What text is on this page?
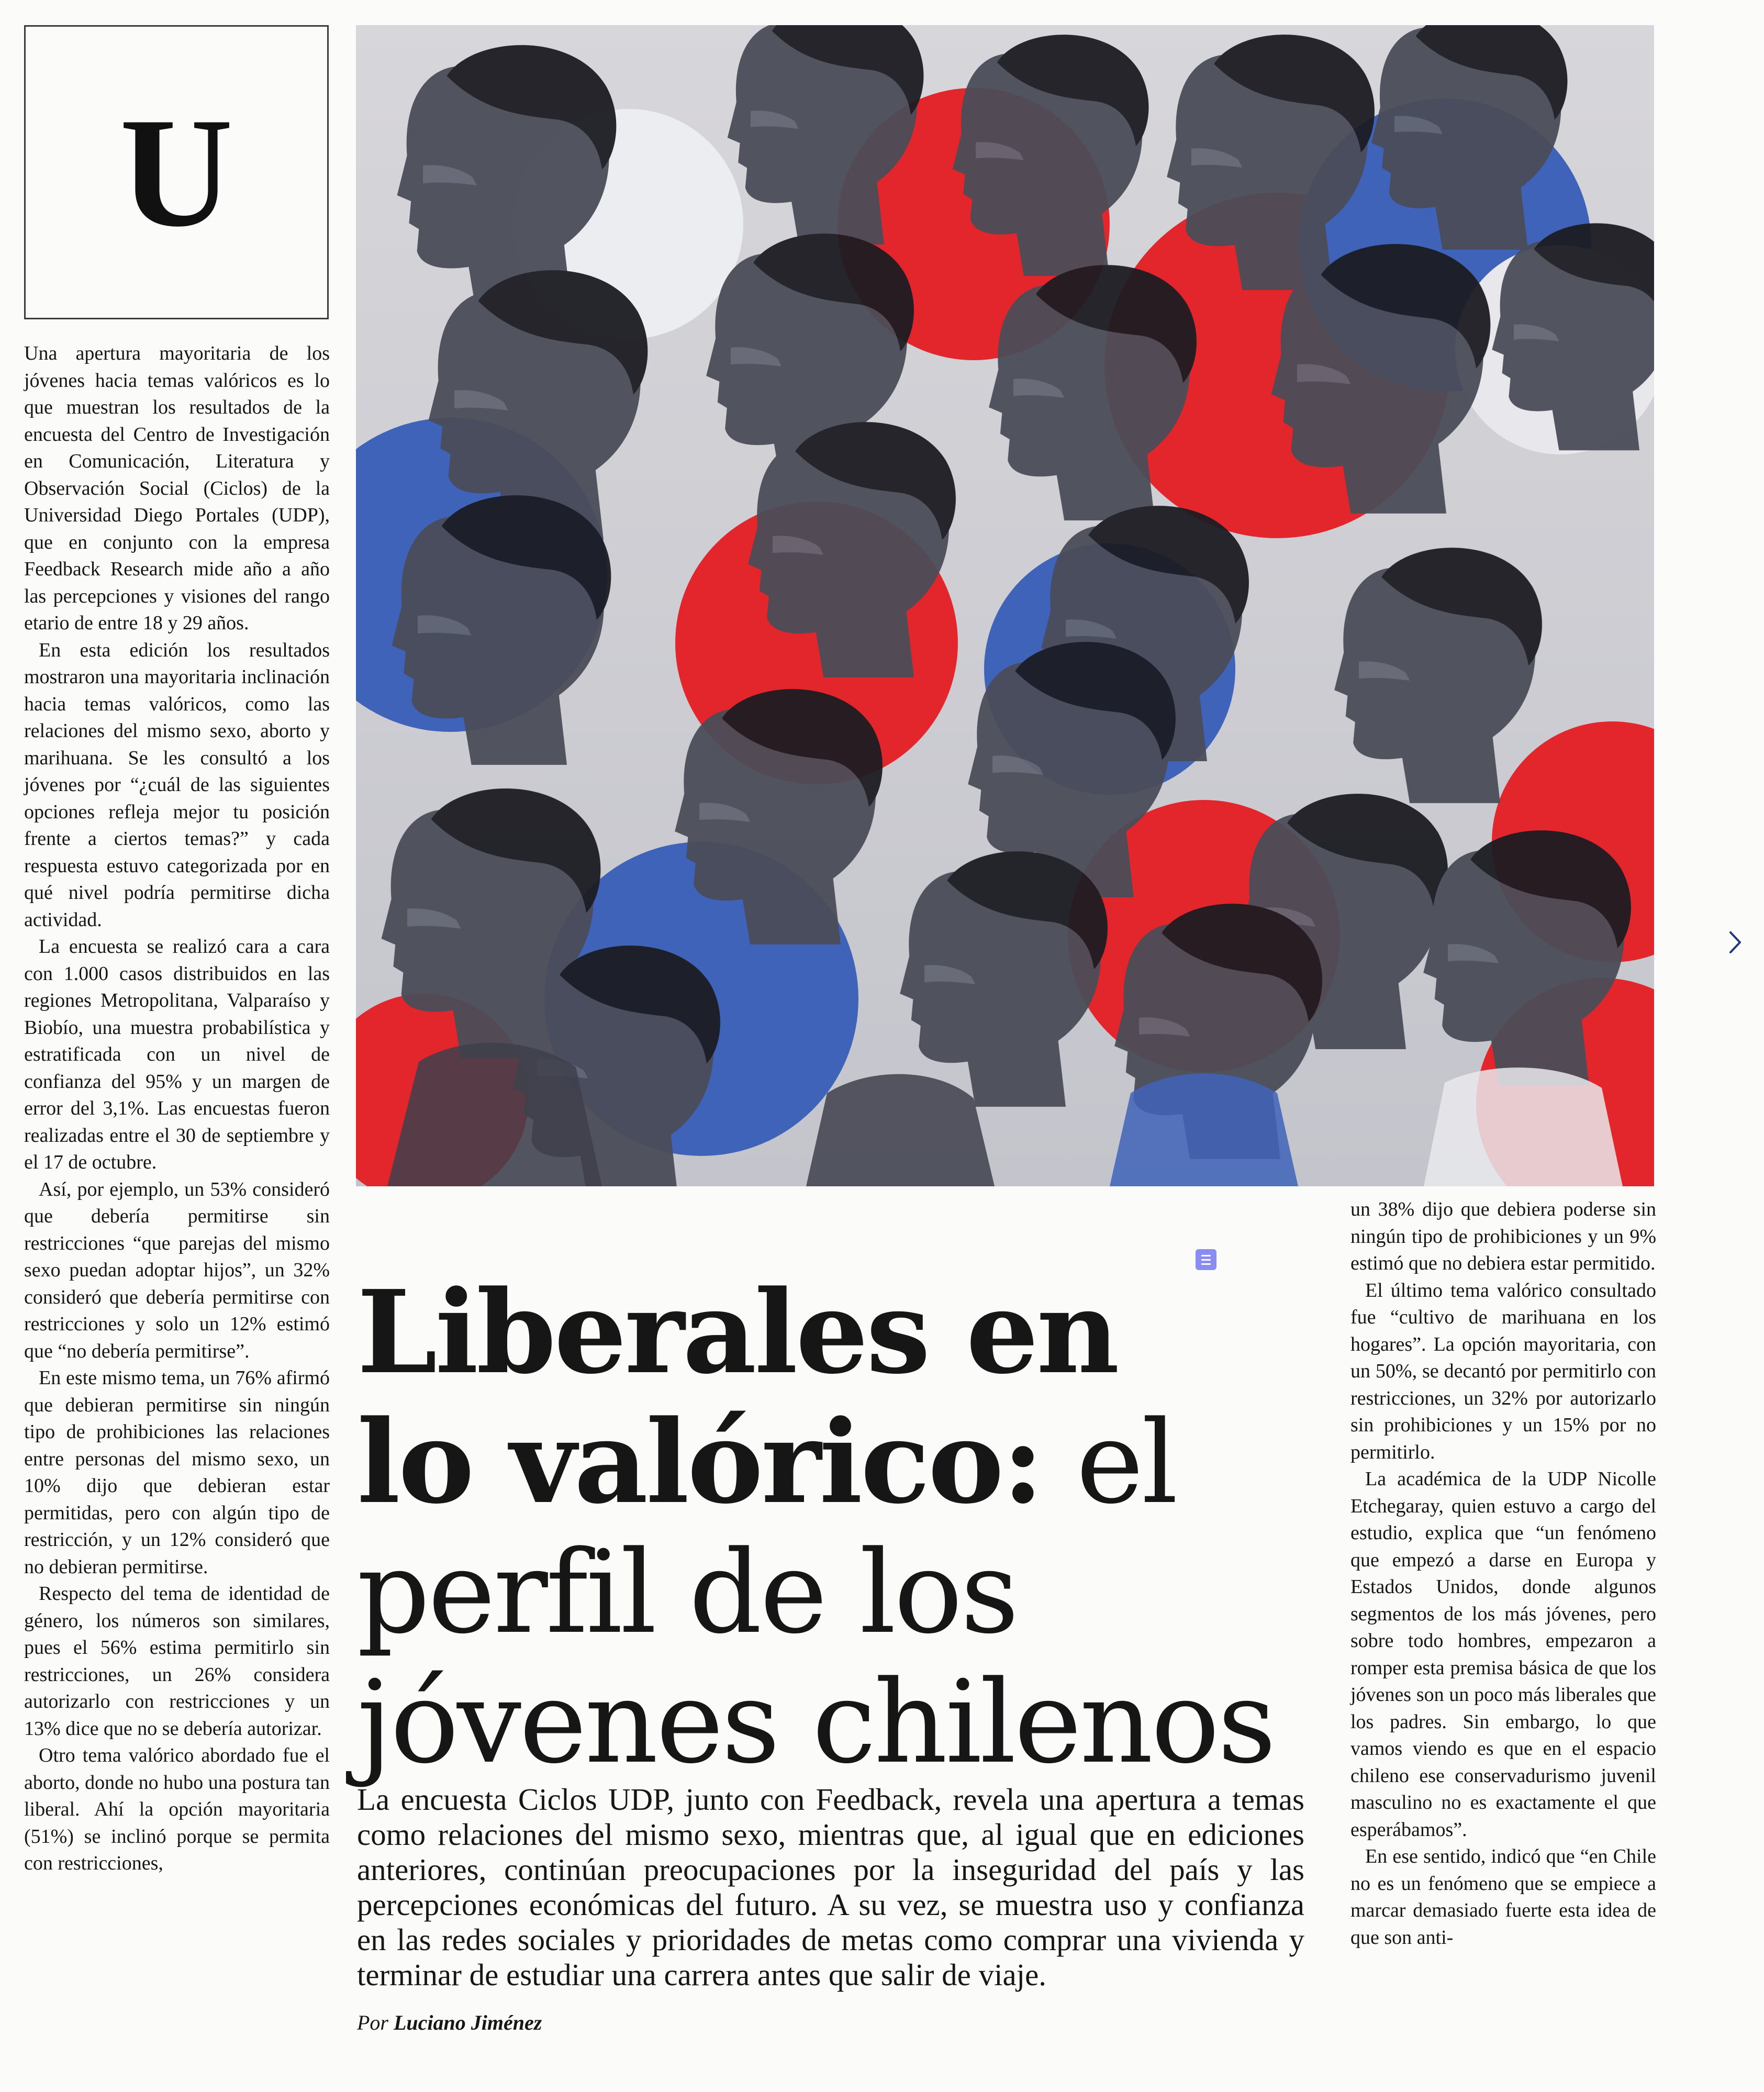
U

Una apertura mayoritaria de los jóvenes hacia temas valóricos es lo que muestran los resultados de la encuesta del Centro de Investigación en Comunicación, Literatura y Observación Social (Ciclos) de la Universidad Diego Portales (UDP), que en conjunto con la empresa Feedback Research mide año a año las percepciones y visiones del rango etario de entre 18 y 29 años.

En esta edición los resultados mostraron una mayoritaria inclinación hacia temas valóricos, como las relaciones del mismo sexo, aborto y marihuana. Se les consultó a los jóvenes por “¿cuál de las siguientes opciones refleja mejor tu posición frente a ciertos temas?” y cada respuesta estuvo categorizada por en qué nivel podría permitirse dicha actividad.

La encuesta se realizó cara a cara con 1.000 casos distribuidos en las regiones Metropolitana, Valparaíso y Biobío, una muestra probabilística y estratificada con un nivel de confianza del 95% y un margen de error del 3,1%. Las encuestas fueron realizadas entre el 30 de septiembre y el 17 de octubre.

Así, por ejemplo, un 53% consideró que debería permitirse sin restricciones “que parejas del mismo sexo puedan adoptar hijos”, un 32% consideró que debería permitirse con restricciones y solo un 12% estimó que “no debería permitirse”.

En este mismo tema, un 76% afirmó que debieran permitirse sin ningún tipo de prohibiciones las relaciones entre personas del mismo sexo, un 10% dijo que debieran estar permitidas, pero con algún tipo de restricción, y un 12% consideró que no debieran permitirse.

Respecto del tema de identidad de género, los números son similares, pues el 56% estima permitirlo sin restricciones, un 26% considera autorizarlo con restricciones y un 13% dice que no se debería autorizar.

Otro tema valórico abordado fue el aborto, donde no hubo una postura tan liberal. Ahí la opción mayoritaria (51%) se inclinó porque se permita con restricciones,

Liberales en
lo valórico: el
perfil de los
jóvenes chilenos

La encuesta Ciclos UDP, junto con Feedback, revela una apertura a temas como relaciones del mismo sexo, mientras que, al igual que en ediciones anteriores, continúan preocupaciones por la inseguridad del país y las percepciones económicas del futuro. A su vez, se muestra uso y confianza en las redes sociales y prioridades de metas como comprar una vivienda y terminar de estudiar una carrera antes que salir de viaje.

Por Luciano Jiménez

un 38% dijo que debiera poderse sin ningún tipo de prohibiciones y un 9% estimó que no debiera estar permitido.

El último tema valórico consultado fue “cultivo de marihuana en los hogares”. La opción mayoritaria, con un 50%, se decantó por permitirlo con restricciones, un 32% por autorizarlo sin prohibiciones y un 15% por no permitirlo.

La académica de la UDP Nicolle Etchegaray, quien estuvo a cargo del estudio, explica que “un fenómeno que empezó a darse en Europa y Estados Unidos, donde algunos segmentos de los más jóvenes, pero sobre todo hombres, empezaron a romper esta premisa básica de que los jóvenes son un poco más liberales que los padres. Sin embargo, lo que vamos viendo es que en el espacio chileno ese conservadurismo juvenil masculino no es exactamente el que esperábamos”.

En ese sentido, indicó que “en Chile no es un fenómeno que se empiece a marcar demasiado fuerte esta idea de que son anti-
